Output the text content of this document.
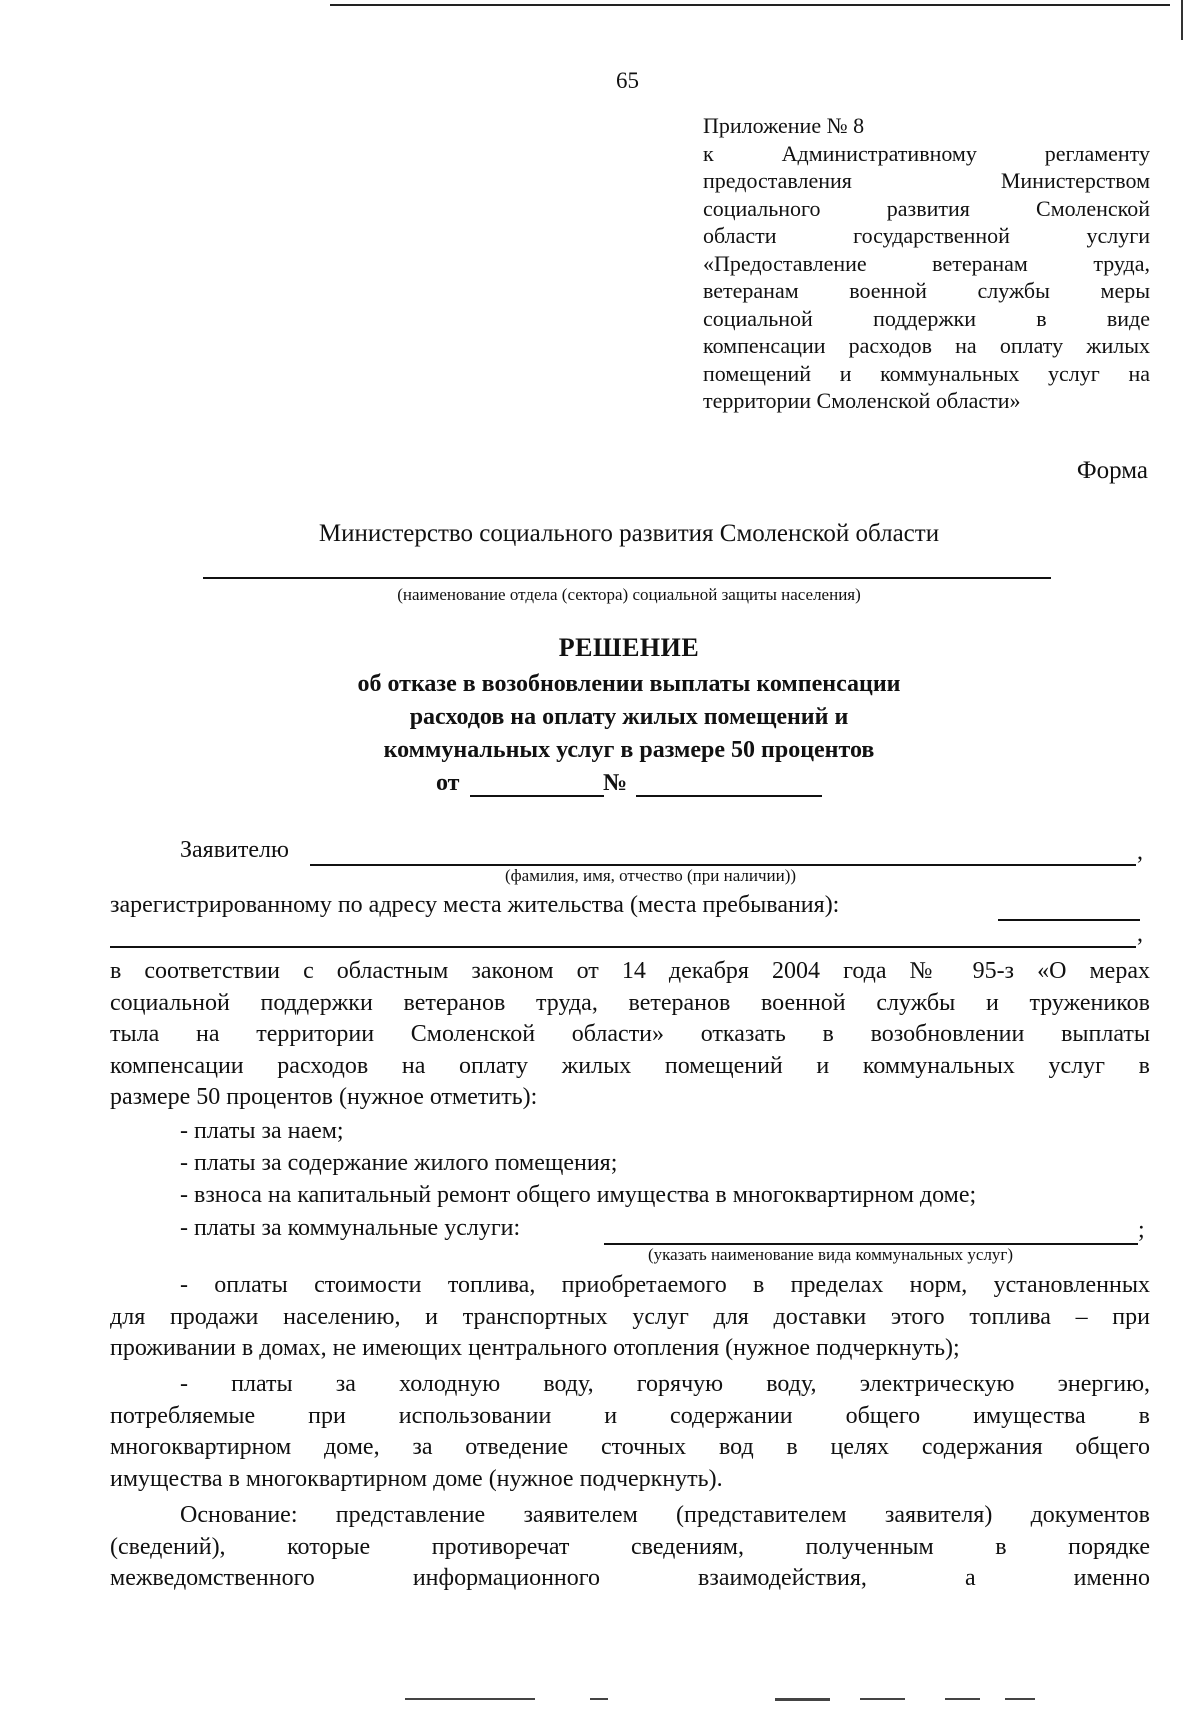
65
Приложение № 8
к Административному регламенту
предоставления Министерством
социального развития Смоленской
области государственной услуги
«Предоставление ветеранам труда,
ветеранам военной службы меры
социальной поддержки в виде
компенсации расходов на оплату жилых
помещений и коммунальных услуг на
территории Смоленской области»
Форма
Министерство социального развития Смоленской области
(наименование отдела (сектора) социальной защиты населения)
РЕШЕНИЕ
об отказе в возобновлении выплаты компенсации
расходов на оплату жилых помещений и
коммунальных услуг в размере 50 процентов
от	№
Заявителю	,
(фамилия, имя, отчество (при наличии))
зарегистрированному по адресу места жительства (места пребывания):
,
в соответствии с областным законом от 14 декабря 2004 года № 95-з «О мерах
социальной поддержки ветеранов труда, ветеранов военной службы и тружеников
тыла на территории Смоленской области» отказать в возобновлении выплаты
компенсации расходов на оплату жилых помещений и коммунальных услуг в
размере 50 процентов (нужное отметить):
- платы за наем;
- платы за содержание жилого помещения;
- взноса на капитальный ремонт общего имущества в многоквартирном доме;
- платы за коммунальные услуги:	;
(указать наименование вида коммунальных услуг)
- оплаты стоимости топлива, приобретаемого в пределах норм, установленных
для продажи населению, и транспортных услуг для доставки этого топлива – при
проживании в домах, не имеющих центрального отопления (нужное подчеркнуть);
- платы за холодную воду, горячую воду, электрическую энергию,
потребляемые при использовании и содержании общего имущества в
многоквартирном доме, за отведение сточных вод в целях содержания общего
имущества в многоквартирном доме (нужное подчеркнуть).
Основание: представление заявителем (представителем заявителя) документов
(сведений), которые противоречат сведениям, полученным в порядке
межведомственного информационного взаимодействия, а именно
